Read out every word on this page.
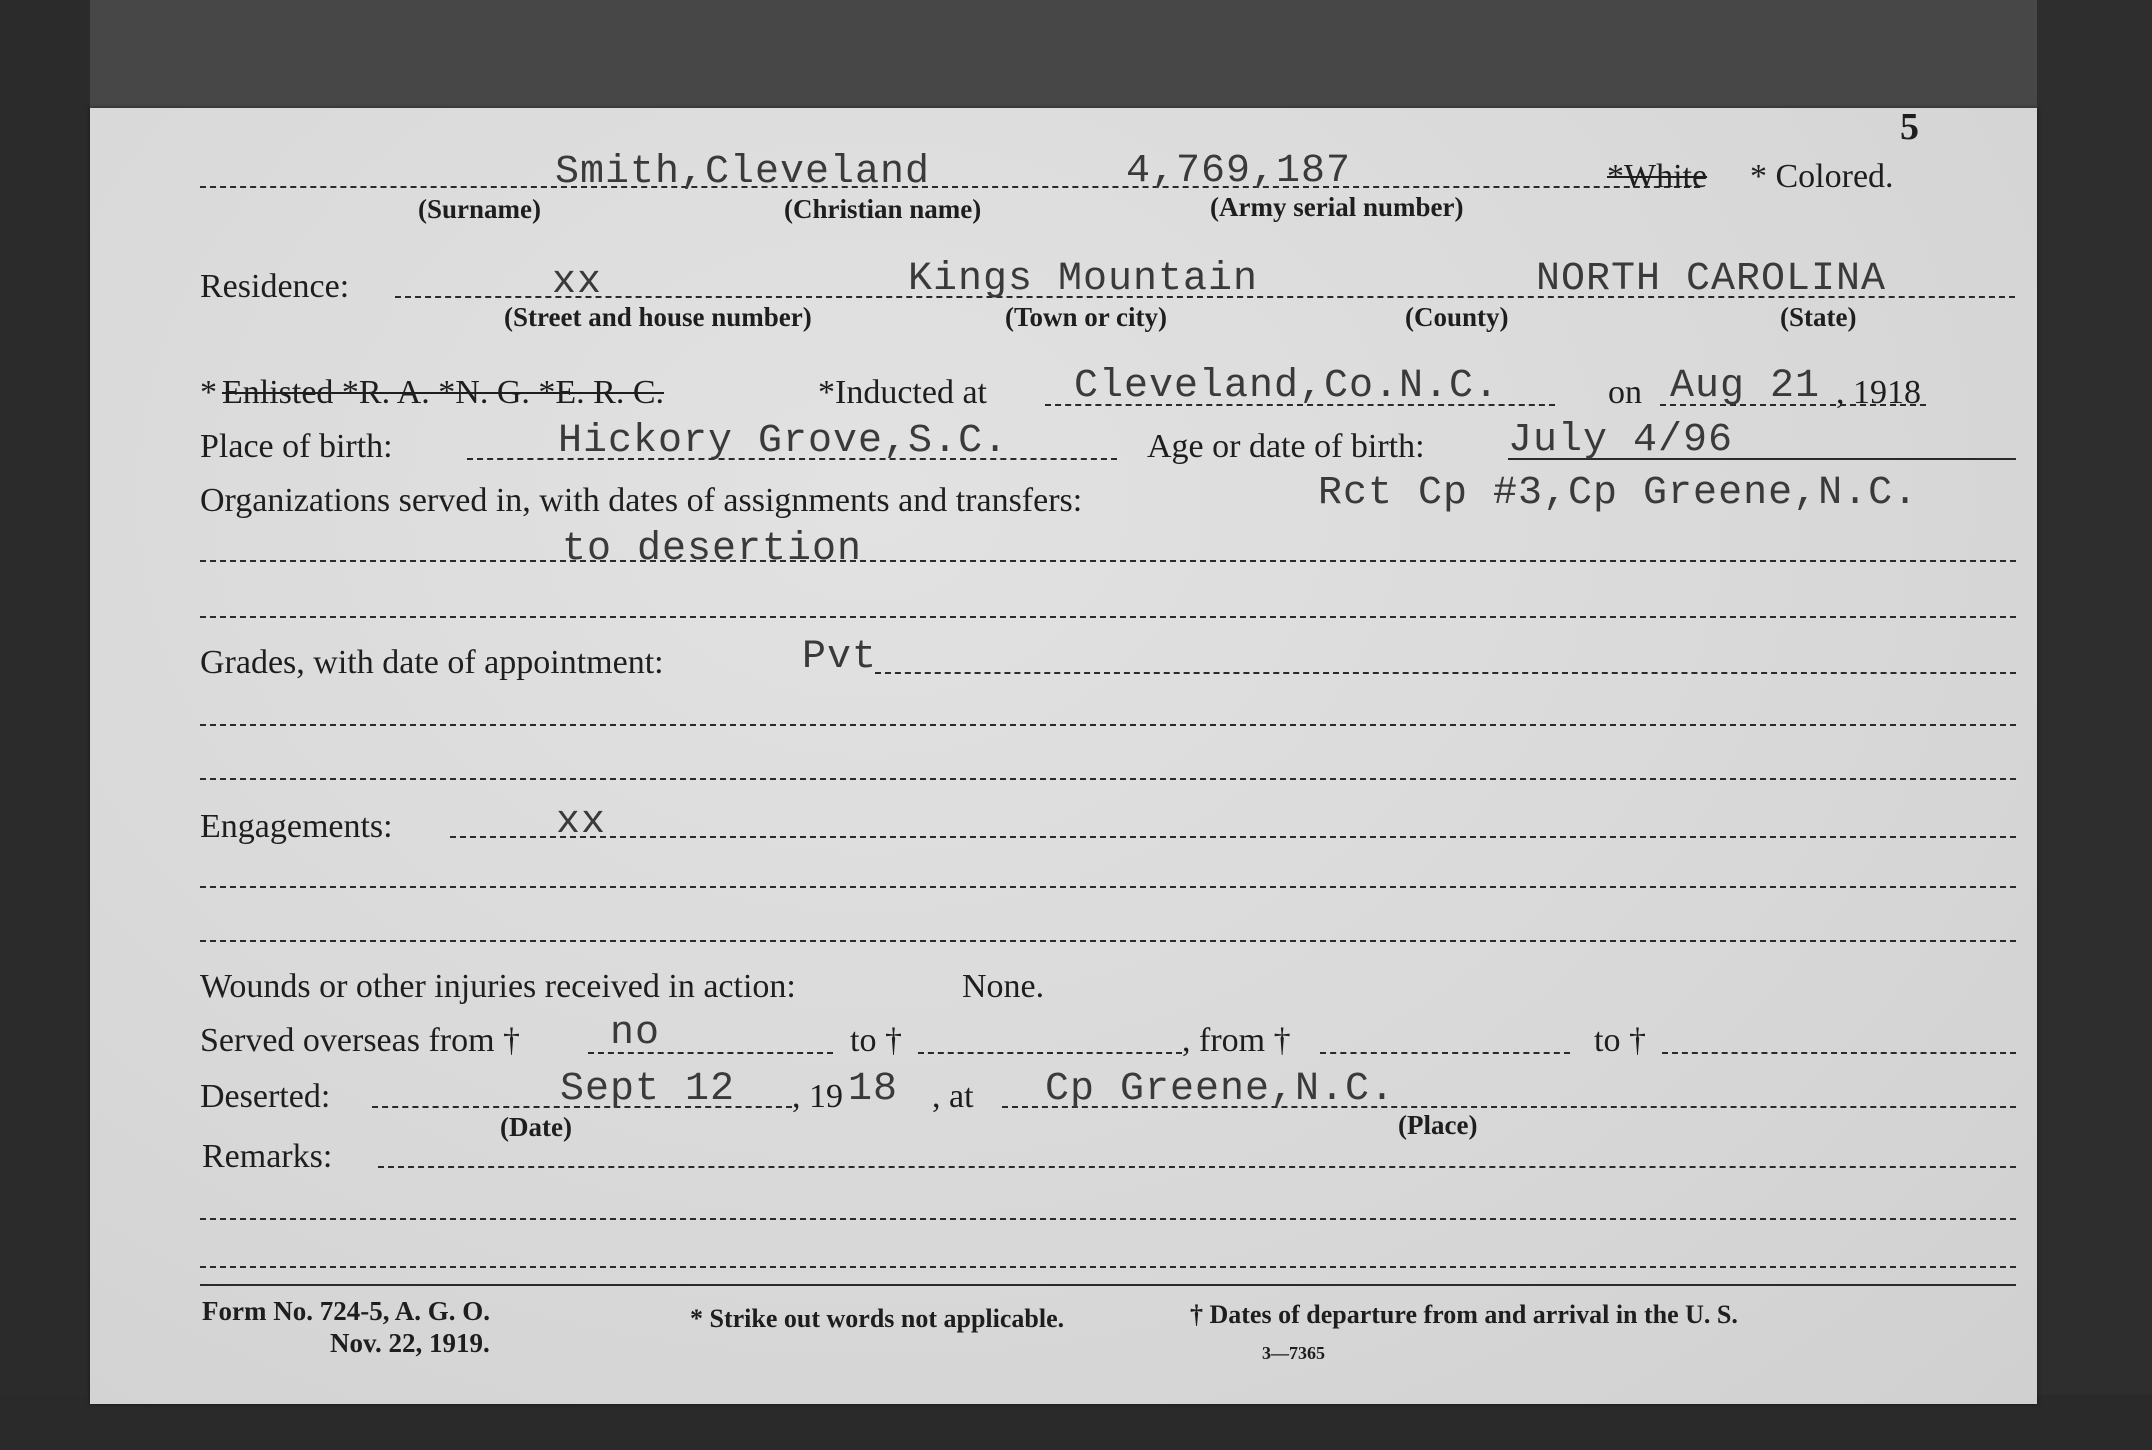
5
Smith,Cleveland	4,769,187	*White * Colored.
(Surname)	(Christian name)	(Army serial number)
Residence:	xx	Kings Mountain	NORTH CAROLINA
(Street and house number)	(Town or city)	(County)	(State)
* Enlisted *R. A. *N. G. *E. R. C.	*Inducted at Cleveland,Co.N.C.	on Aug 21 , 1918
Place of birth:	Hickory Grove,S.C.	Age or date of birth: July 4/96
Organizations served in, with dates of assignments and transfers:	Rct Cp #3,Cp Greene,N.C.
to desertion
Grades, with date of appointment:	Pvt
Engagements:	xx
Wounds or other injuries received in action:	None.
Served overseas from † no	to †	, from †	to †
Deserted:	Sept 12 , 19 18 , at Cp Greene,N.C.
(Date)	(Place)
Remarks:
Form No. 724-5, A. G. O.
Nov. 22, 1919.
* Strike out words not applicable.	† Dates of departure from and arrival in the U. S.
3—7365
